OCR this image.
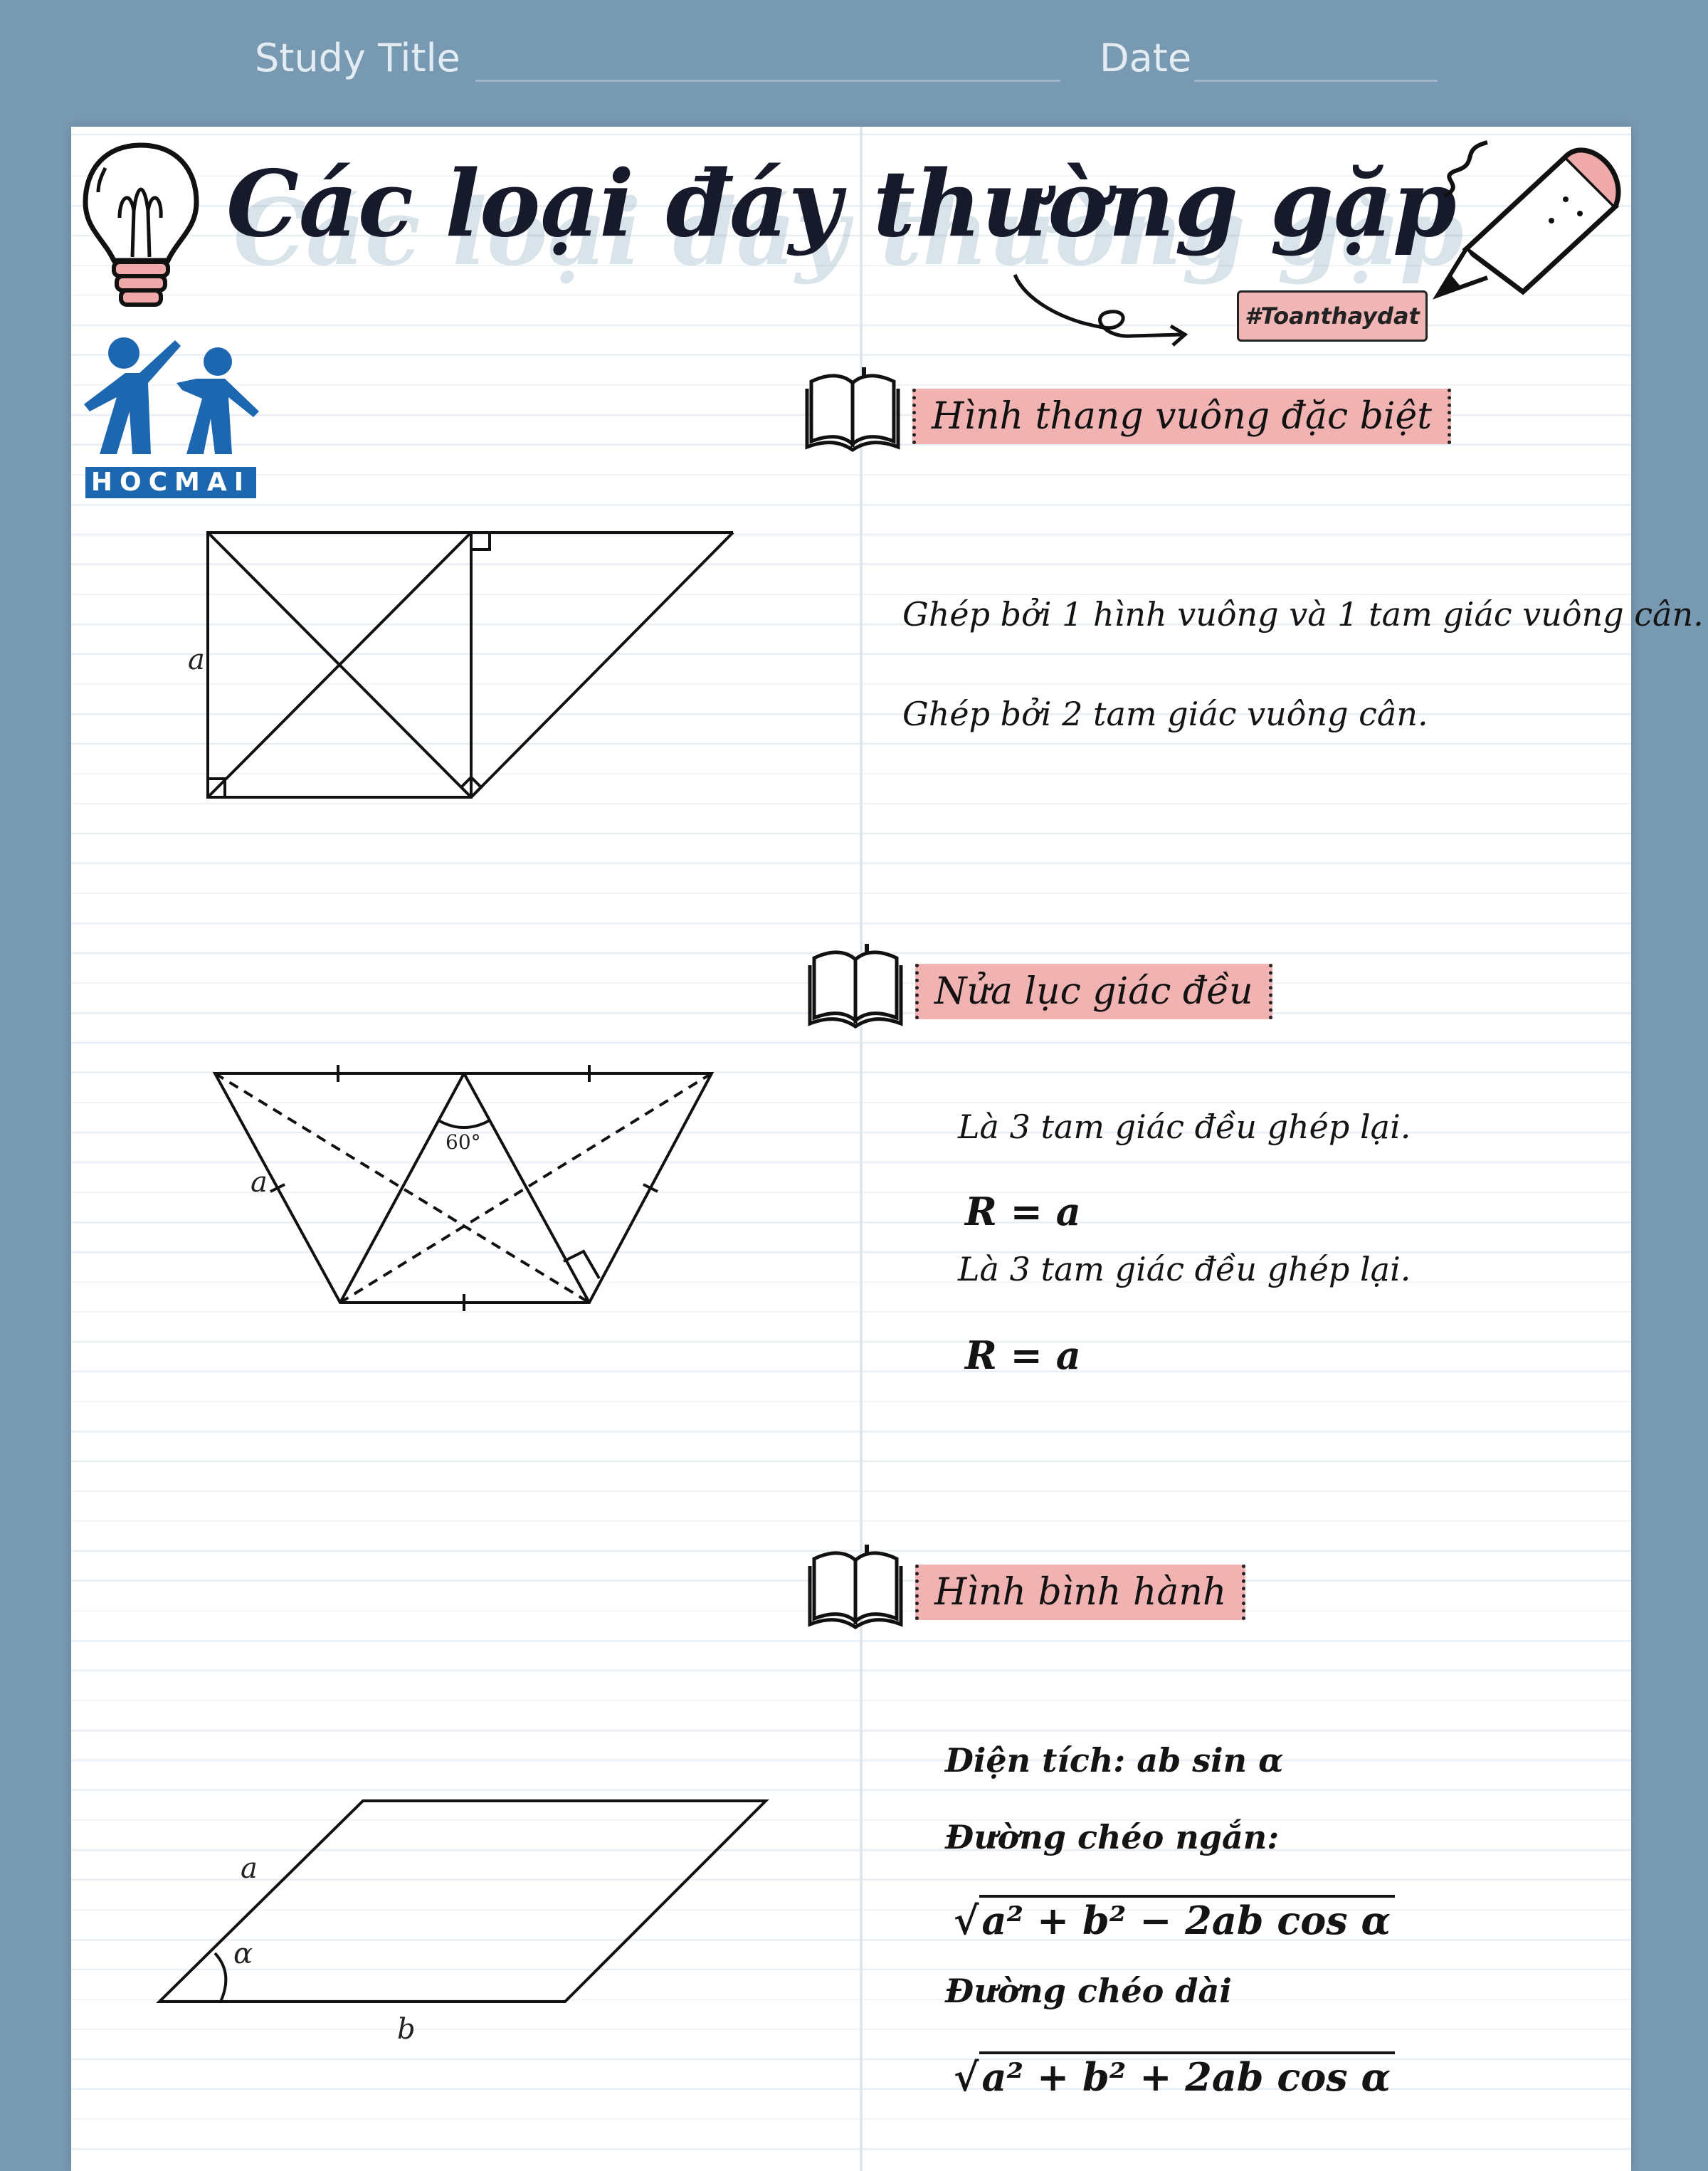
Study Title	Date
Các loại đáy thường gặp
#Toanthaydat
HOCMAI
Hình thang vuông đặc biệt
a
Ghép bởi 1 hình vuông và 1 tam giác vuông cân.
Ghép bởi 2 tam giác vuông cân.
Nửa lục giác đều
60°
a
Là 3 tam giác đều ghép lại.
R = a
Là 3 tam giác đều ghép lại.
R = a
Hình bình hành
a
α
b
Diện tích: ab sin α
Đường chéo ngắn:
√a² + b² − 2ab cos α
Đường chéo dài
√a² + b² + 2ab cos α
